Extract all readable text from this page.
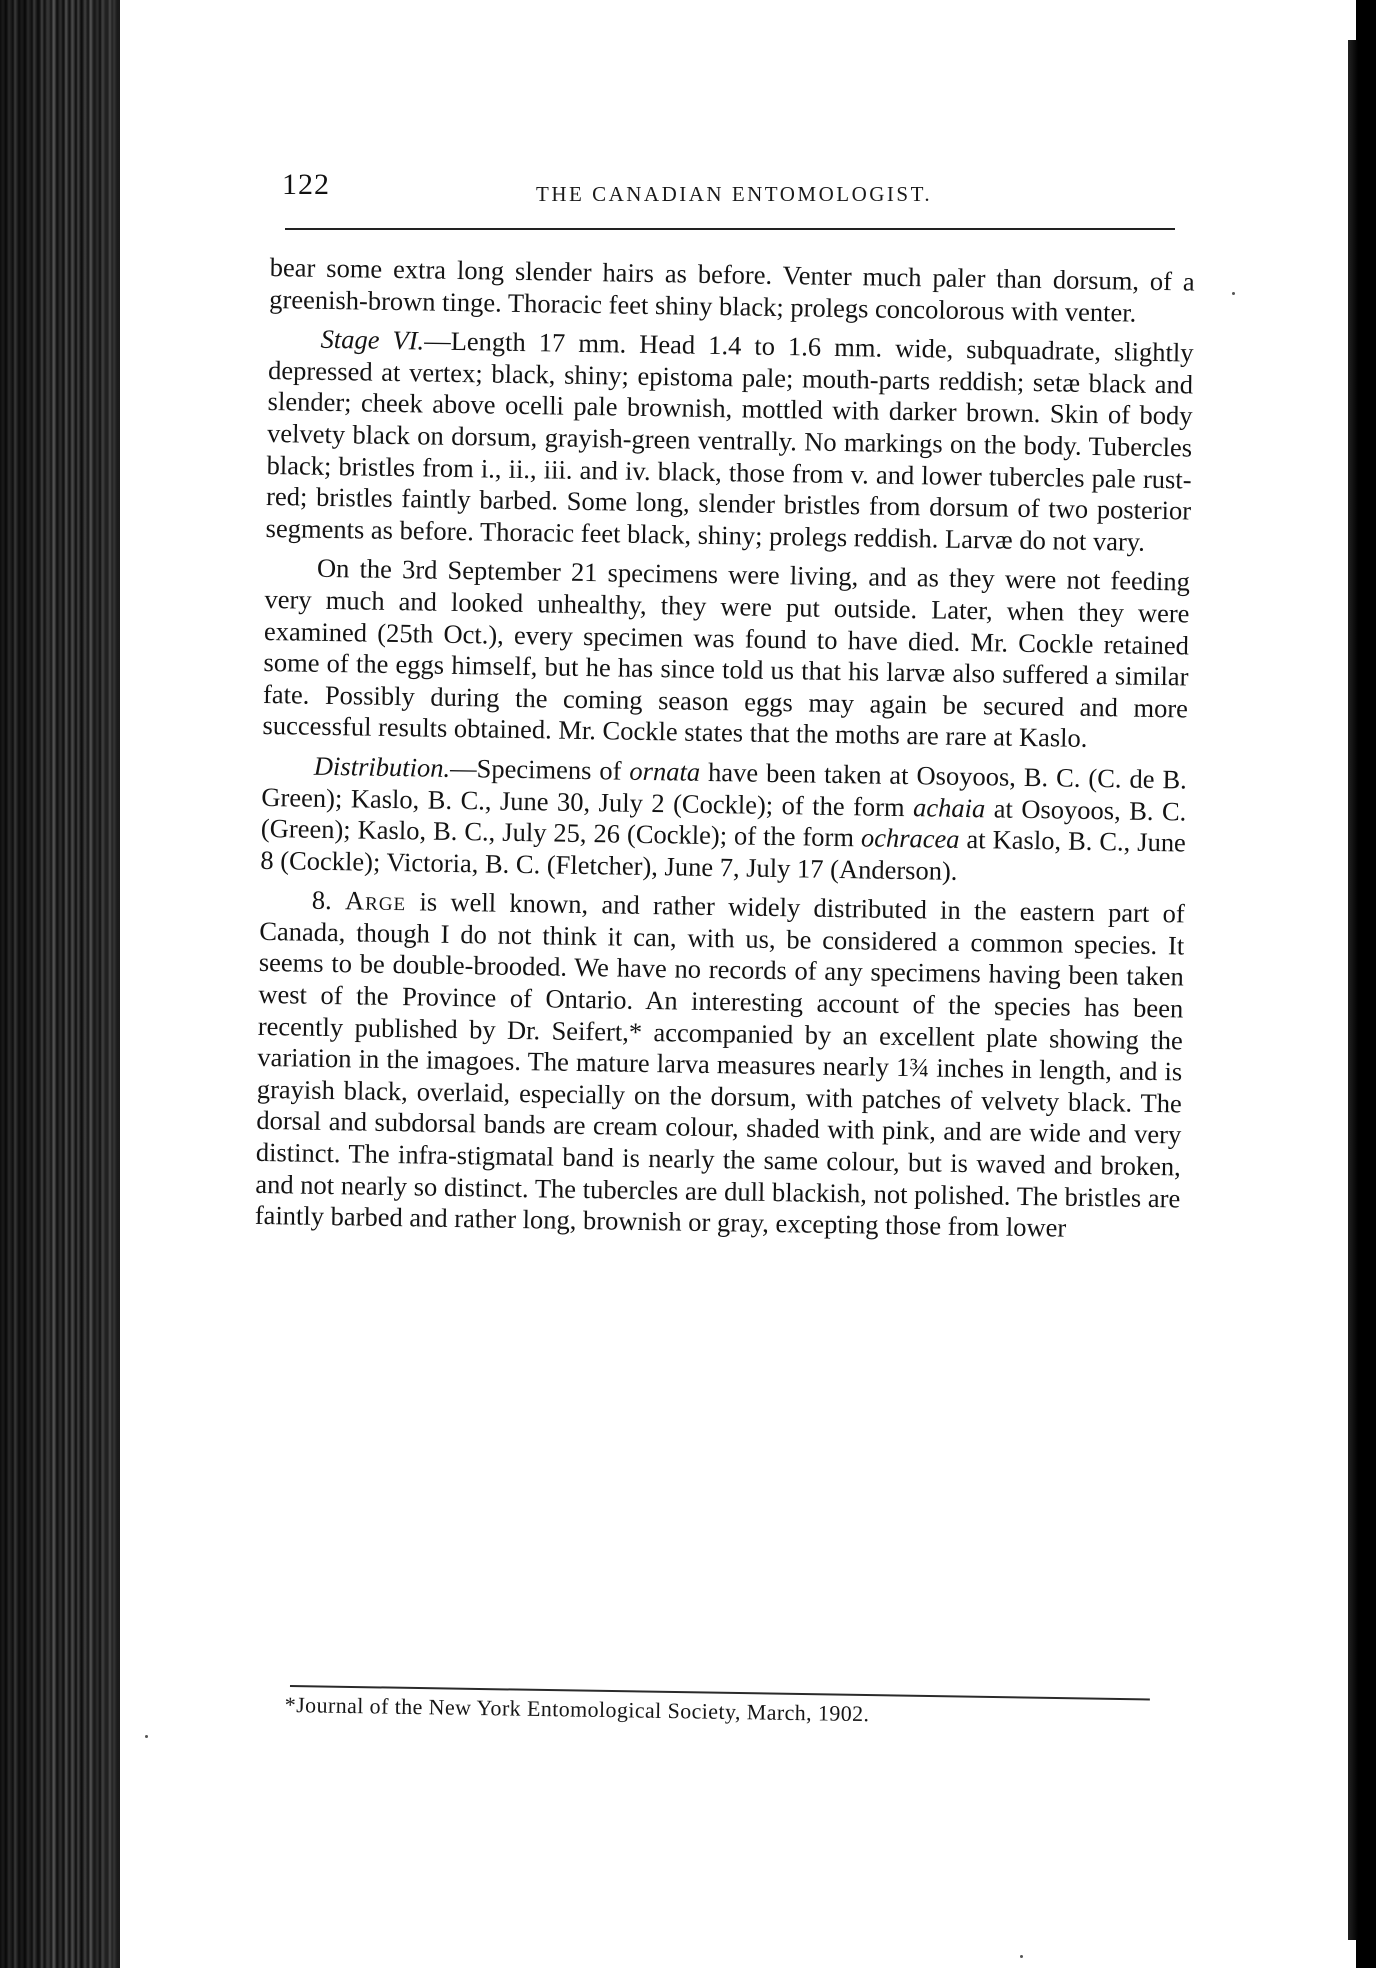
122	THE CANADIAN ENTOMOLOGIST.

bear some extra long slender hairs as before. Venter much paler than dorsum, of a greenish-brown tinge. Thoracic feet shiny black; prolegs concolorous with venter.

Stage VI.—Length 17 mm. Head 1.4 to 1.6 mm. wide, subquadrate, slightly depressed at vertex; black, shiny; epistoma pale; mouth-parts reddish; setæ black and slender; cheek above ocelli pale brownish, mottled with darker brown. Skin of body velvety black on dorsum, grayish-green ventrally. No markings on the body. Tubercles black; bristles from i., ii., iii. and iv. black, those from v. and lower tubercles pale rust-red; bristles faintly barbed. Some long, slender bristles from dorsum of two posterior segments as before. Thoracic feet black, shiny; prolegs reddish. Larvæ do not vary.

On the 3rd September 21 specimens were living, and as they were not feeding very much and looked unhealthy, they were put outside. Later, when they were examined (25th Oct.), every specimen was found to have died. Mr. Cockle retained some of the eggs himself, but he has since told us that his larvæ also suffered a similar fate. Possibly during the coming season eggs may again be secured and more successful results obtained. Mr. Cockle states that the moths are rare at Kaslo.

Distribution.—Specimens of ornata have been taken at Osoyoos, B. C. (C. de B. Green); Kaslo, B. C., June 30, July 2 (Cockle); of the form achaia at Osoyoos, B. C. (Green); Kaslo, B. C., July 25, 26 (Cockle); of the form ochracea at Kaslo, B. C., June 8 (Cockle); Victoria, B. C. (Fletcher), June 7, July 17 (Anderson).

8. Arge is well known, and rather widely distributed in the eastern part of Canada, though I do not think it can, with us, be considered a common species. It seems to be double-brooded. We have no records of any specimens having been taken west of the Province of Ontario. An interesting account of the species has been recently published by Dr. Seifert,* accompanied by an excellent plate showing the variation in the imagoes. The mature larva measures nearly 1¾ inches in length, and is grayish black, overlaid, especially on the dorsum, with patches of velvety black. The dorsal and subdorsal bands are cream colour, shaded with pink, and are wide and very distinct. The infra-stigmatal band is nearly the same colour, but is waved and broken, and not nearly so distinct. The tubercles are dull blackish, not polished. The bristles are faintly barbed and rather long, brownish or gray, excepting those from lower

*Journal of the New York Entomological Society, March, 1902.
